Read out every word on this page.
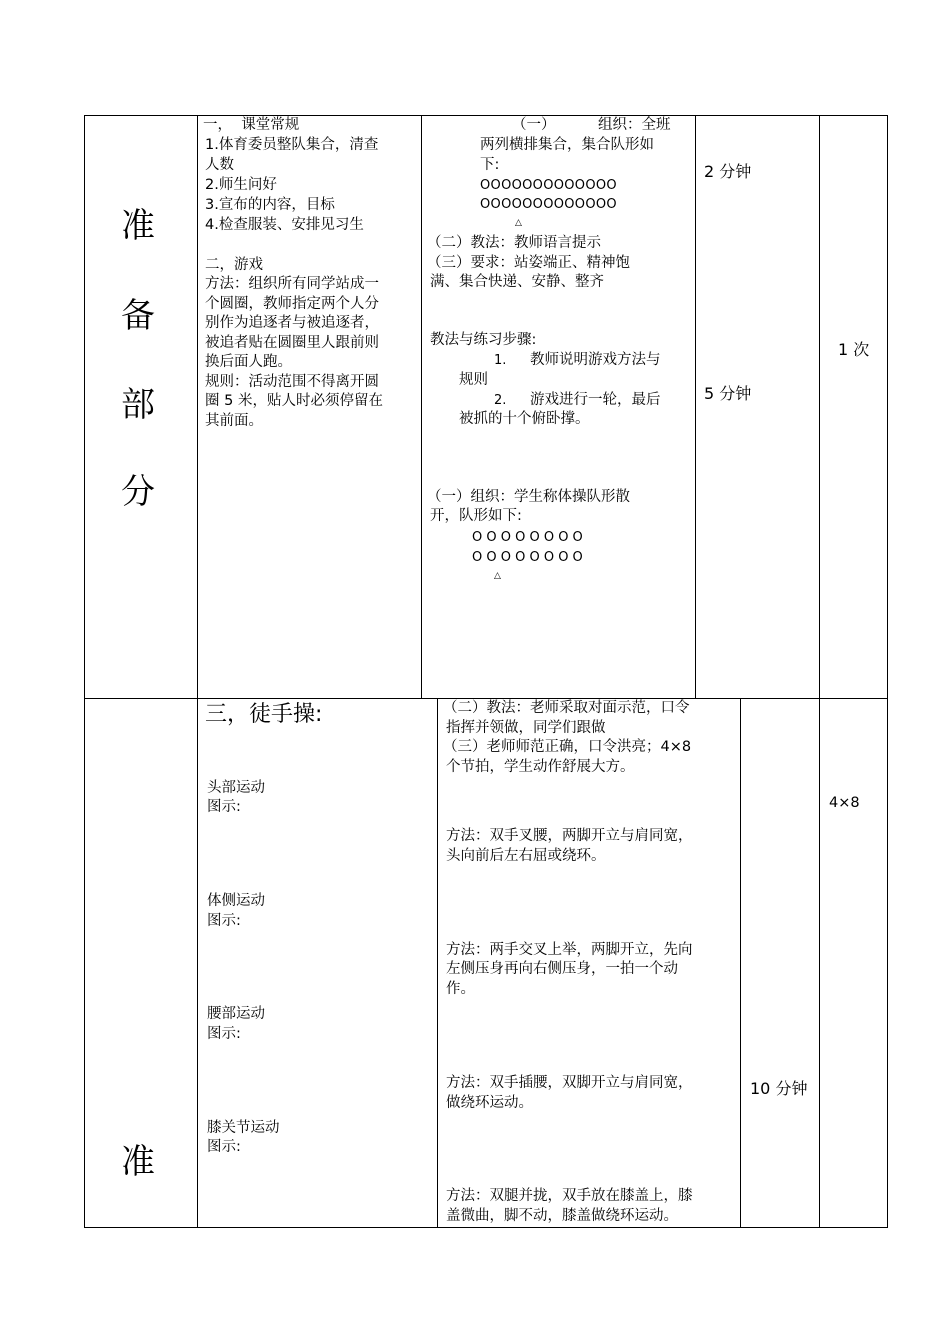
准
备
部
分
一，  课堂常规
1.体育委员整队集合，清查
人数
2.师生问好
3.宣布的内容，目标
4.检查服装、安排见习生
二，游戏
方法：组织所有同学站成一
个圆圈，教师指定两个人分
别作为追逐者与被追逐者，
被追者贴在圆圈里人跟前则
换后面人跑。
规则：活动范围不得离开圆
圈 5 米，贴人时必须停留在
其前面。
（一）	组织：全班
两列横排集合，集合队形如
下:
OOOOOOOOOOOOO
OOOOOOOOOOOOO
△
（二）教法：教师语言提示
（三）要求：站姿端正、精神饱
满、集合快递、安静、整齐
教法与练习步骤:
1. 教师说明游戏方法与
规则
2. 游戏进行一轮，最后
被抓的十个俯卧撑。
（一）组织：学生称体操队形散
开，队形如下:
O O O O O O O O
O O O O O O O O
△
2 分钟
5 分钟
1 次
准
三，徒手操:
头部运动
图示:
体侧运动
图示:
腰部运动
图示:
膝关节运动
图示:
（二）教法：老师采取对面示范，口令
指挥并领做，同学们跟做
（三）老师师范正确，口令洪亮；4×8
个节拍，学生动作舒展大方。
方法：双手叉腰，两脚开立与肩同宽，
头向前后左右屈或绕环。
方法：两手交叉上举，两脚开立，先向
左侧压身再向右侧压身，一拍一个动
作。
方法：双手插腰，双脚开立与肩同宽，
做绕环运动。
方法：双腿并拢，双手放在膝盖上，膝
盖微曲，脚不动，膝盖做绕环运动。
10 分钟
4×8
